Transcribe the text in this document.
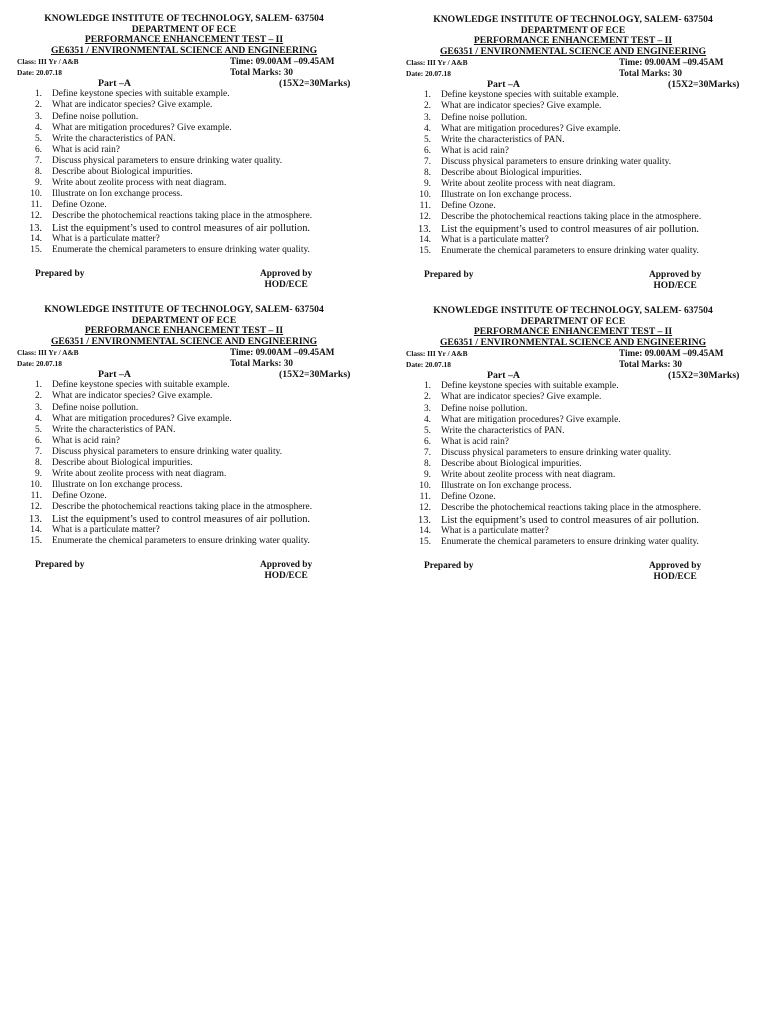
KNOWLEDGE INSTITUTE OF TECHNOLOGY, SALEM- 637504
DEPARTMENT OF ECE
PERFORMANCE ENHANCEMENT TEST – II
GE6351 / ENVIRONMENTAL SCIENCE AND ENGINEERING
Class: III Yr / A&B	Time: 09.00AM –09.45AM
Date: 20.07.18	Total Marks: 30
Part –A	(15X2=30Marks)
1. Define keystone species with suitable example.
2. What are indicator species? Give example.
3. Define noise pollution.
4. What are mitigation procedures? Give example.
5. Write the characteristics of PAN.
6. What is acid rain?
7. Discuss physical parameters to ensure drinking water quality.
8. Describe about Biological impurities.
9. Write about zeolite process with neat diagram.
10. Illustrate on Ion exchange process.
11. Define Ozone.
12. Describe the photochemical reactions taking place in the atmosphere.
13. List the equipment’s used to control measures of air pollution.
14. What is a particulate matter?
15. Enumerate the chemical parameters to ensure drinking water quality.
Prepared by	Approved by
HOD/ECE
KNOWLEDGE INSTITUTE OF TECHNOLOGY, SALEM- 637504
DEPARTMENT OF ECE
PERFORMANCE ENHANCEMENT TEST – II
GE6351 / ENVIRONMENTAL SCIENCE AND ENGINEERING
Class: III Yr / A&B	Time: 09.00AM –09.45AM
Date: 20.07.18	Total Marks: 30
Part –A	(15X2=30Marks)
1. Define keystone species with suitable example.
2. What are indicator species? Give example.
3. Define noise pollution.
4. What are mitigation procedures? Give example.
5. Write the characteristics of PAN.
6. What is acid rain?
7. Discuss physical parameters to ensure drinking water quality.
8. Describe about Biological impurities.
9. Write about zeolite process with neat diagram.
10. Illustrate on Ion exchange process.
11. Define Ozone.
12. Describe the photochemical reactions taking place in the atmosphere.
13. List the equipment’s used to control measures of air pollution.
14. What is a particulate matter?
15. Enumerate the chemical parameters to ensure drinking water quality.
Prepared by	Approved by
HOD/ECE
KNOWLEDGE INSTITUTE OF TECHNOLOGY, SALEM- 637504
DEPARTMENT OF ECE
PERFORMANCE ENHANCEMENT TEST – II
GE6351 / ENVIRONMENTAL SCIENCE AND ENGINEERING
Class: III Yr / A&B	Time: 09.00AM –09.45AM
Date: 20.07.18	Total Marks: 30
Part –A	(15X2=30Marks)
1. Define keystone species with suitable example.
2. What are indicator species? Give example.
3. Define noise pollution.
4. What are mitigation procedures? Give example.
5. Write the characteristics of PAN.
6. What is acid rain?
7. Discuss physical parameters to ensure drinking water quality.
8. Describe about Biological impurities.
9. Write about zeolite process with neat diagram.
10. Illustrate on Ion exchange process.
11. Define Ozone.
12. Describe the photochemical reactions taking place in the atmosphere.
13. List the equipment’s used to control measures of air pollution.
14. What is a particulate matter?
15. Enumerate the chemical parameters to ensure drinking water quality.
Prepared by	Approved by
HOD/ECE
KNOWLEDGE INSTITUTE OF TECHNOLOGY, SALEM- 637504
DEPARTMENT OF ECE
PERFORMANCE ENHANCEMENT TEST – II
GE6351 / ENVIRONMENTAL SCIENCE AND ENGINEERING
Class: III Yr / A&B	Time: 09.00AM –09.45AM
Date: 20.07.18	Total Marks: 30
Part –A	(15X2=30Marks)
1. Define keystone species with suitable example.
2. What are indicator species? Give example.
3. Define noise pollution.
4. What are mitigation procedures? Give example.
5. Write the characteristics of PAN.
6. What is acid rain?
7. Discuss physical parameters to ensure drinking water quality.
8. Describe about Biological impurities.
9. Write about zeolite process with neat diagram.
10. Illustrate on Ion exchange process.
11. Define Ozone.
12. Describe the photochemical reactions taking place in the atmosphere.
13. List the equipment’s used to control measures of air pollution.
14. What is a particulate matter?
15. Enumerate the chemical parameters to ensure drinking water quality.
Prepared by	Approved by
HOD/ECE
